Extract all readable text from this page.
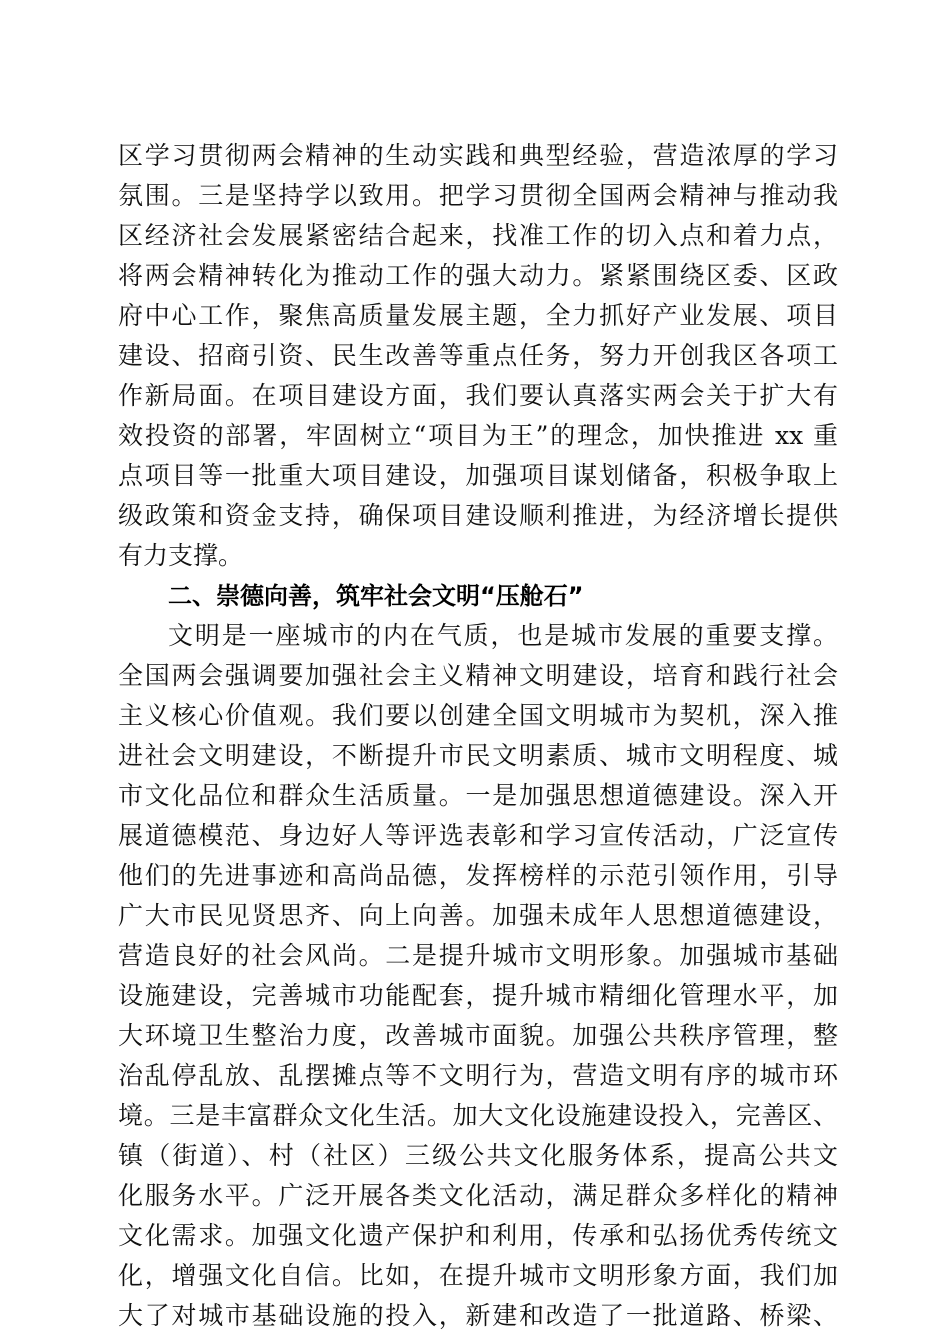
区学习贯彻两会精神的生动实践和典型经验，营造浓厚的学习
氛围。三是坚持学以致用。把学习贯彻全国两会精神与推动我
区经济社会发展紧密结合起来，找准工作的切入点和着力点，
将两会精神转化为推动工作的强大动力。紧紧围绕区委、区政
府中心工作，聚焦高质量发展主题，全力抓好产业发展、项目
建设、招商引资、民生改善等重点任务，努力开创我区各项工
作新局面。在项目建设方面，我们要认真落实两会关于扩大有
效投资的部署，牢固树立“项目为王”的理念，加快推进 xx 重
点项目等一批重大项目建设，加强项目谋划储备，积极争取上
级政策和资金支持，确保项目建设顺利推进，为经济增长提供
有力支撑。
二、崇德向善，筑牢社会文明“压舱石”
文明是一座城市的内在气质，也是城市发展的重要支撑。
全国两会强调要加强社会主义精神文明建设，培育和践行社会
主义核心价值观。我们要以创建全国文明城市为契机，深入推
进社会文明建设，不断提升市民文明素质、城市文明程度、城
市文化品位和群众生活质量。一是加强思想道德建设。深入开
展道德模范、身边好人等评选表彰和学习宣传活动，广泛宣传
他们的先进事迹和高尚品德，发挥榜样的示范引领作用，引导
广大市民见贤思齐、向上向善。加强未成年人思想道德建设，
营造良好的社会风尚。二是提升城市文明形象。加强城市基础
设施建设，完善城市功能配套，提升城市精细化管理水平，加
大环境卫生整治力度，改善城市面貌。加强公共秩序管理，整
治乱停乱放、乱摆摊点等不文明行为，营造文明有序的城市环
境。三是丰富群众文化生活。加大文化设施建设投入，完善区、
镇（街道）、村（社区）三级公共文化服务体系，提高公共文
化服务水平。广泛开展各类文化活动，满足群众多样化的精神
文化需求。加强文化遗产保护和利用，传承和弘扬优秀传统文
化，增强文化自信。比如，在提升城市文明形象方面，我们加
大了对城市基础设施的投入，新建和改造了一批道路、桥梁、
